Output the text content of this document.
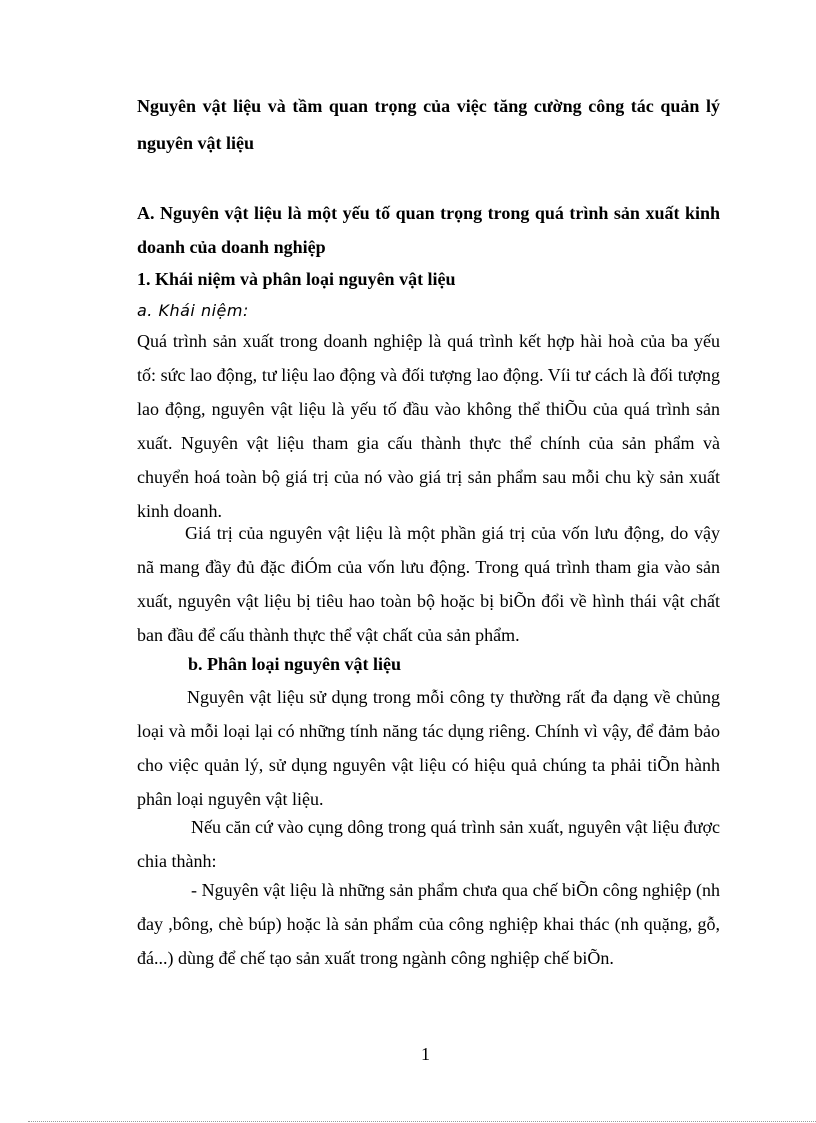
Nguyên vật liệu và tầm quan trọng của việc tăng cường công tác quản lý nguyên vật liệu

A. Nguyên vật liệu là một yếu tố quan trọng trong quá trình sản xuất kinh doanh của doanh nghiệp

1. Khái niệm và phân loại nguyên vật liệu

a. Khái niệm:

Quá trình sản xuất trong doanh nghiệp là quá trình kết hợp hài hoà của ba yếu tố: sức lao động, tư liệu lao động và đối tượng lao động. Víi tư cách là đối tượng lao động, nguyên vật liệu là yếu tố đầu vào không thể thiÕu của quá trình sản xuất. Nguyên vật liệu tham gia cấu thành thực thể chính của sản phẩm và chuyển hoá toàn bộ giá trị của nó vào giá trị sản phẩm sau mỗi chu kỳ sản xuất kinh doanh.

Giá trị của nguyên vật liệu là một phần giá trị của vốn lưu động, do vậy nã mang đầy đủ đặc điÓm của vốn lưu động. Trong quá trình tham gia vào sản xuất, nguyên vật liệu bị tiêu hao toàn bộ hoặc bị biÕn đổi về hình thái vật chất ban đầu để cấu thành thực thể vật chất của sản phẩm.

b. Phân loại nguyên vật liệu

Nguyên vật liệu sử dụng trong mỗi công ty thường rất đa dạng về chủng loại và mỗi loại lại có những tính năng tác dụng riêng. Chính vì vậy, để đảm bảo cho việc quản lý, sử dụng nguyên vật liệu có hiệu quả chúng ta phải tiÕn hành phân loại nguyên vật liệu.

Nếu căn cứ vào cụng dông trong quá trình sản xuất, nguyên vật liệu được chia thành:

- Nguyên vật liệu là những sản phẩm chưa qua chế biÕn công nghiệp (nh đay ,bông, chè búp) hoặc là sản phẩm của công nghiệp khai thác (nh quặng, gỗ, đá...) dùng để chế tạo sản xuất trong ngành công nghiệp chế biÕn.

1
